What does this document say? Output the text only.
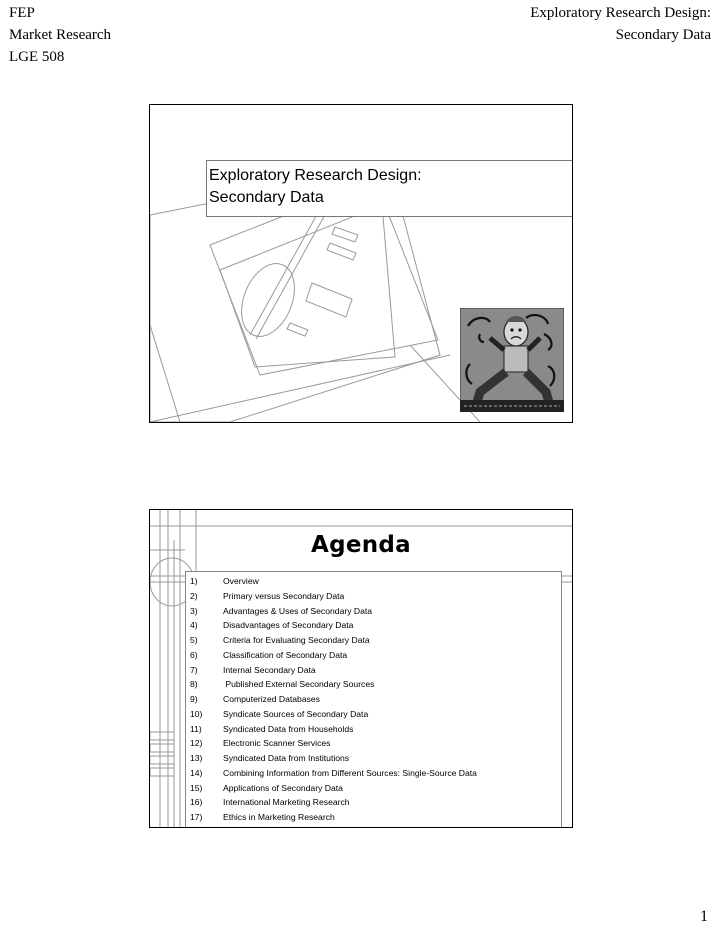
FEP
Market Research
LGE 508
Exploratory Research Design:
Secondary Data
Exploratory Research Design:
Secondary Data
Agenda
1)	Overview
2)	Primary versus Secondary Data
3)	Advantages & Uses of Secondary Data
4)	Disadvantages of Secondary Data
5)	Criteria for Evaluating Secondary Data
6)	Classification of Secondary Data
7)	Internal Secondary Data
8)	Published External Secondary Sources
9)	Computerized Databases
10)	Syndicate Sources of Secondary Data
11)	Syndicated Data from Households
12)	Electronic Scanner Services
13)	Syndicated Data from Institutions
14)	Combining Information from Different Sources: Single-Source Data
15)	Applications of Secondary Data
16)	International Marketing Research
17)	Ethics in Marketing Research
1
